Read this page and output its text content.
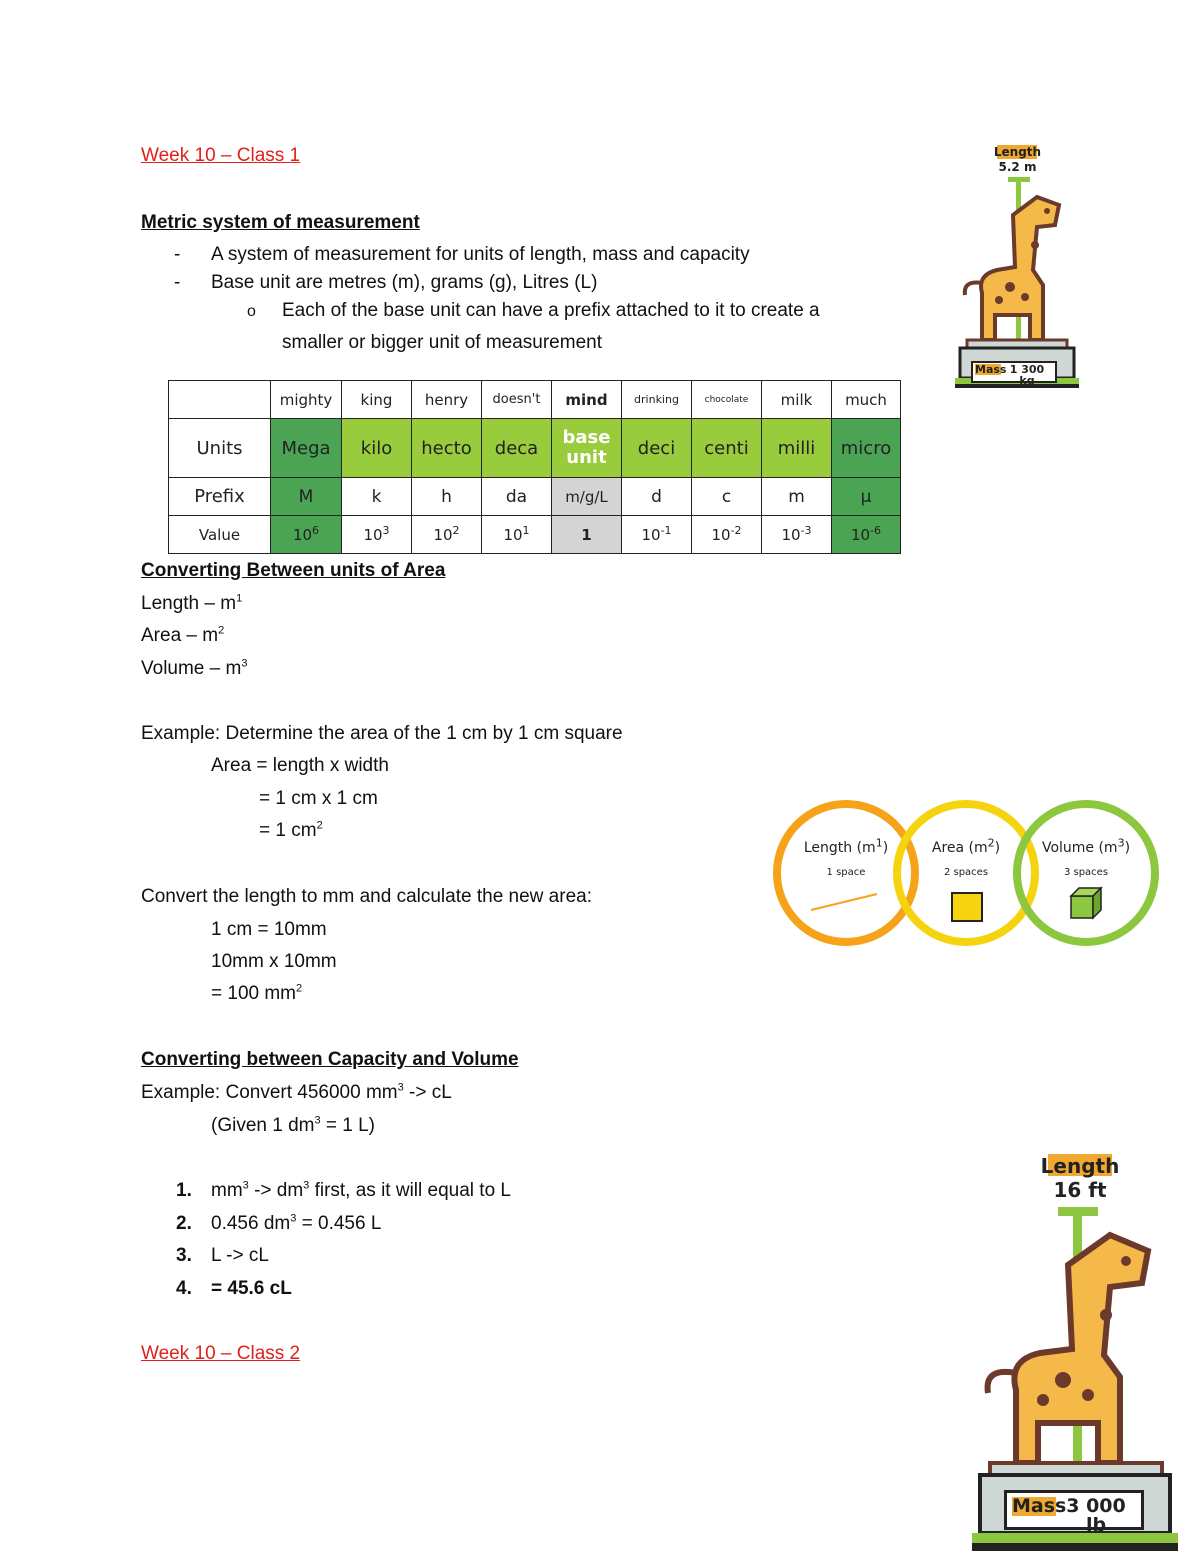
Week 10 – Class 1
Metric system of measurement
- A system of measurement for units of length, mass and capacity
- Base unit are metres (m), grams (g), Litres (L)
o Each of the base unit can have a prefix attached to it to create a
smaller or bigger unit of measurement
	mighty	king	henry	doesn't	mind	drinking	chocolate	milk	much
Units	Mega	kilo	hecto	deca	base unit	deci	centi	milli	micro
Prefix	M	k	h	da	m/g/L	d	c	m	μ
Value	$10^6$	$10^3$	$10^2$	$10^1$	1	$10^{-1}$	$10^{-2}$	$10^{-3}$	$10^{-6}$
Converting Between units of Area
Length – $m^1$
Area – $m^2$
Volume – $m^3$
Example: Determine the area of the 1 cm by 1 cm square
Area = length x width
= 1 cm x 1 cm
= 1 $cm^2$
Convert the length to mm and calculate the new area:
1 cm = 10mm
10mm x 10mm
= 100 $mm^2$
Converting between Capacity and Volume
Example: Convert 456000 $mm^3$ -> cL
(Given 1 $dm^3 = 1$ L)
1. $mm^3 -> dm^3$ first, as it will equal to L
2. 0.456 $dm^3 = 0.456$ L
3. L -> cL
4. = 45.6 cL
Week 10 – Class 2
Length $(m^1)$
1 space
Area $(m^2)$
2 spaces
Volume $(m^3)$
3 spaces
Length
5.2 m
Mass 1 300 kg
Length
16 ft
Mass 3 000 lb
